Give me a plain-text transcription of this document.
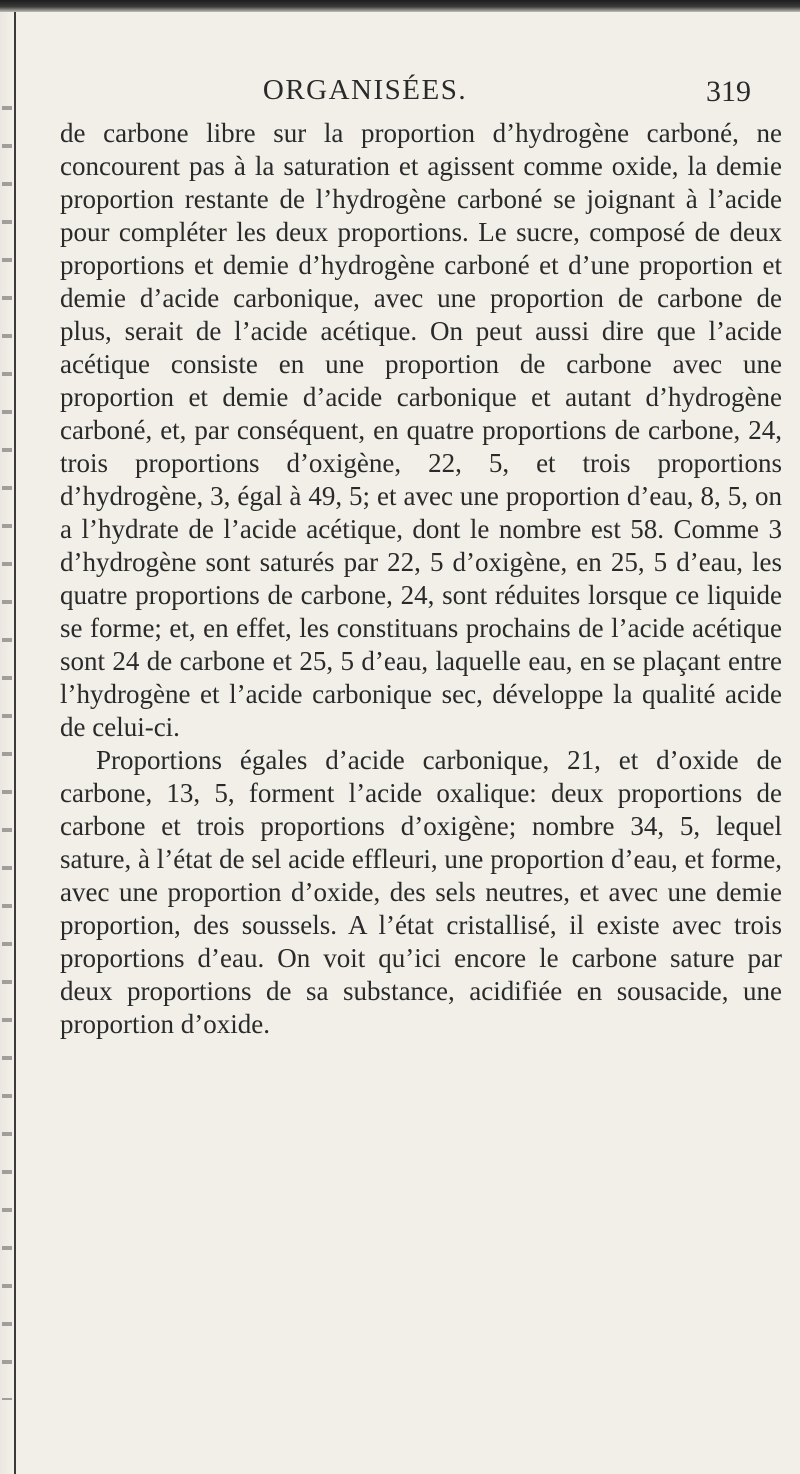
ORGANISÉES.	319

de carbone libre sur la proportion d’hydrogène carboné, ne concourent pas à la saturation et agissent comme oxide, la demie proportion restante de l’hydrogène carboné se joignant à l’acide pour compléter les deux proportions. Le sucre, composé de deux proportions et demie d’hydrogène carboné et d’une proportion et demie d’acide carbonique, avec une proportion de carbone de plus, serait de l’acide acétique. On peut aussi dire que l’acide acétique consiste en une proportion de carbone avec une proportion et demie d’acide carbonique et autant d’hydrogène carboné, et, par conséquent, en quatre proportions de carbone, 24, trois proportions d’oxigène, 22, 5, et trois proportions d’hydrogène, 3, égal à 49, 5; et avec une proportion d’eau, 8, 5, on a l’hydrate de l’acide acétique, dont le nombre est 58. Comme 3 d’hydrogène sont saturés par 22, 5 d’oxigène, en 25, 5 d’eau, les quatre proportions de carbone, 24, sont réduites lorsque ce liquide se forme; et, en effet, les constituans prochains de l’acide acétique sont 24 de carbone et 25, 5 d’eau, laquelle eau, en se plaçant entre l’hydrogène et l’acide carbonique sec, développe la qualité acide de celui-ci.

Proportions égales d’acide carbonique, 21, et d’oxide de carbone, 13, 5, forment l’acide oxalique: deux proportions de carbone et trois proportions d’oxigène; nombre 34, 5, lequel sature, à l’état de sel acide effleuri, une proportion d’eau, et forme, avec une proportion d’oxide, des sels neutres, et avec une demie proportion, des soussels. A l’état cristallisé, il existe avec trois proportions d’eau. On voit qu’ici encore le carbone sature par deux proportions de sa substance, acidifiée en sousacide, une proportion d’oxide.
